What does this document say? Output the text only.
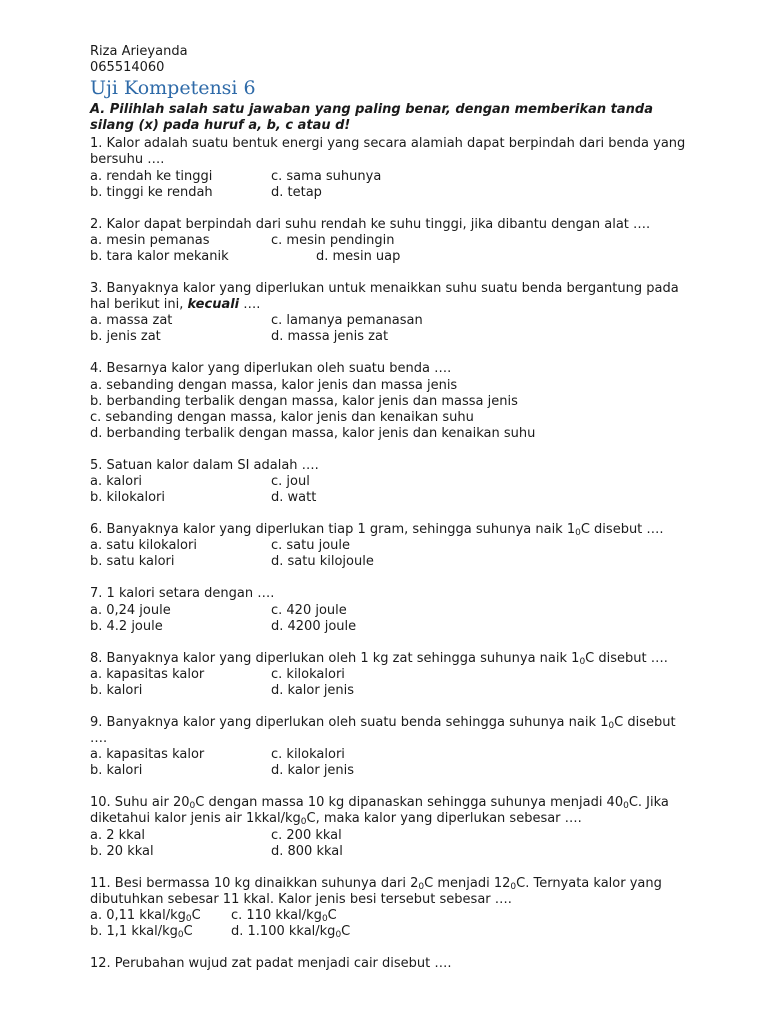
Riza Arieyanda
065514060
Uji Kompetensi 6
A. Pilihlah salah satu jawaban yang paling benar, dengan memberikan tanda silang (x) pada huruf a, b, c atau d!
1. Kalor adalah suatu bentuk energi yang secara alamiah dapat berpindah dari benda yang bersuhu ….
a. rendah ke tinggi	c. sama suhunya
b. tinggi ke rendah	d. tetap
2. Kalor dapat berpindah dari suhu rendah ke suhu tinggi, jika dibantu dengan alat ….
a. mesin pemanas	c. mesin pendingin
b. tara kalor mekanik	d. mesin uap
3. Banyaknya kalor yang diperlukan untuk menaikkan suhu suatu benda bergantung pada hal berikut ini, kecuali ….
a. massa zat	c. lamanya pemanasan
b. jenis zat	d. massa jenis zat
4. Besarnya kalor yang diperlukan oleh suatu benda ….
a. sebanding dengan massa, kalor jenis dan massa jenis
b. berbanding terbalik dengan massa, kalor jenis dan massa jenis
c. sebanding dengan massa, kalor jenis dan kenaikan suhu
d. berbanding terbalik dengan massa, kalor jenis dan kenaikan suhu
5. Satuan kalor dalam SI adalah ….
a. kalori	c. joul
b. kilokalori	d. watt
6. Banyaknya kalor yang diperlukan tiap 1 gram, sehingga suhunya naik $1_0C$ disebut ….
a. satu kilokalori	c. satu joule
b. satu kalori	d. satu kilojoule
7. 1 kalori setara dengan ….
a. 0,24 joule	c. 420 joule
b. 4.2 joule	d. 4200 joule
8. Banyaknya kalor yang diperlukan oleh 1 kg zat sehingga suhunya naik $1_0C$ disebut ….
a. kapasitas kalor	c. kilokalori
b. kalori	d. kalor jenis
9. Banyaknya kalor yang diperlukan oleh suatu benda sehingga suhunya naik $1_0C$ disebut ….
a. kapasitas kalor	c. kilokalori
b. kalori	d. kalor jenis
10. Suhu air $20_0C$ dengan massa 10 kg dipanaskan sehingga suhunya menjadi $40_0C$. Jika diketahui kalor jenis air $1kkal/kg_0C$, maka kalor yang diperlukan sebesar ….
a. 2 kkal	c. 200 kkal
b. 20 kkal	d. 800 kkal
11. Besi bermassa 10 kg dinaikkan suhunya dari $2_0C$ menjadi $12_0C$. Ternyata kalor yang dibutuhkan sebesar 11 kkal. Kalor jenis besi tersebut sebesar ….
a. 0,11 kkal/$kg_0C$	c. 110 kkal/$kg_0C$
b. 1,1 kkal/$kg_0C$	d. 1.100 kkal/$kg_0C$
12. Perubahan wujud zat padat menjadi cair disebut ….
